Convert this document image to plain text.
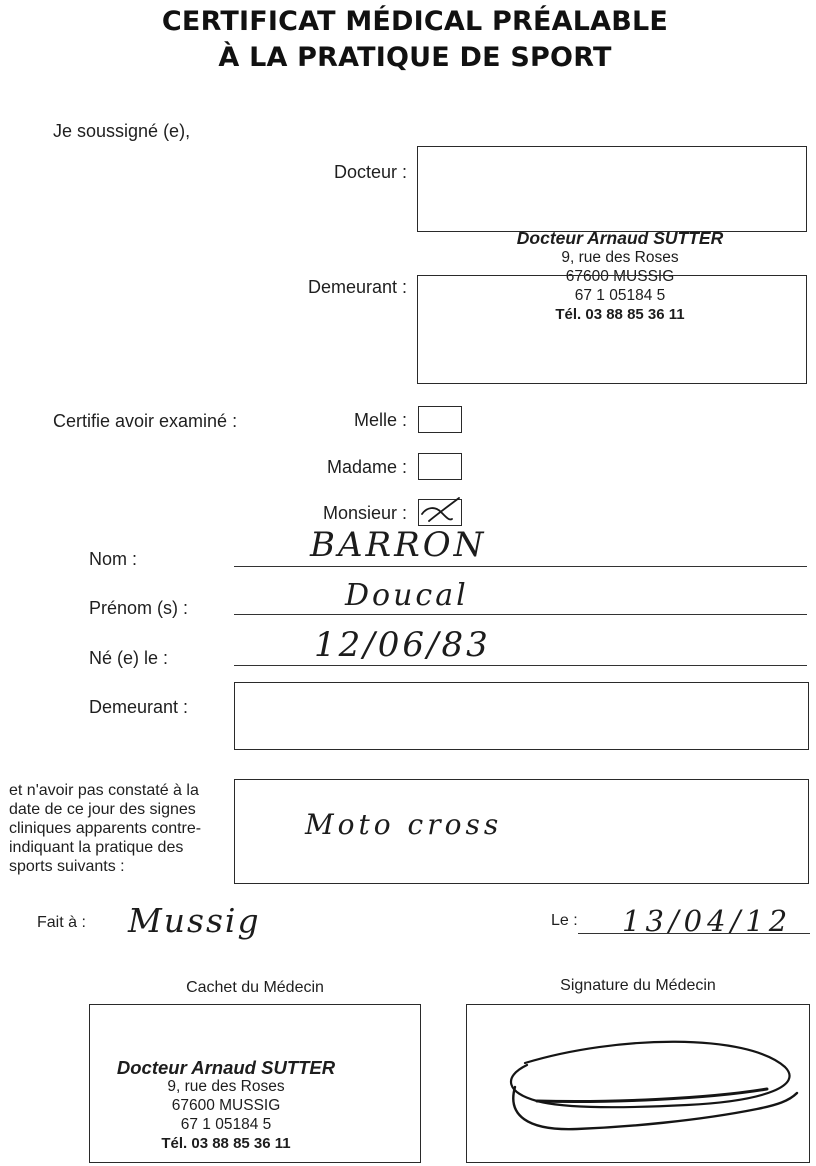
CERTIFICAT MÉDICAL PRÉALABLE
À LA PRATIQUE DE SPORT
Je soussigné (e),
Docteur :
Docteur Arnaud SUTTER
9, rue des Roses
67600 MUSSIG
67 1 05184 5
Tél. 03 88 85 36 11
Demeurant :
Certifie avoir examiné :	Melle :
Madame :
Monsieur :
Nom :	BARRON
Prénom (s) :	Doucal
Né (e) le :	12/06/83
Demeurant :
et n'avoir pas constaté à la date de ce jour des signes cliniques apparents contre-indiquant la pratique des sports suivants :
Moto cross
Fait à : Mussig	Le : 13/04/12
Cachet du Médecin
Docteur Arnaud SUTTER
9, rue des Roses
67600 MUSSIG
67 1 05184 5
Tél. 03 88 85 36 11
Signature du Médecin
